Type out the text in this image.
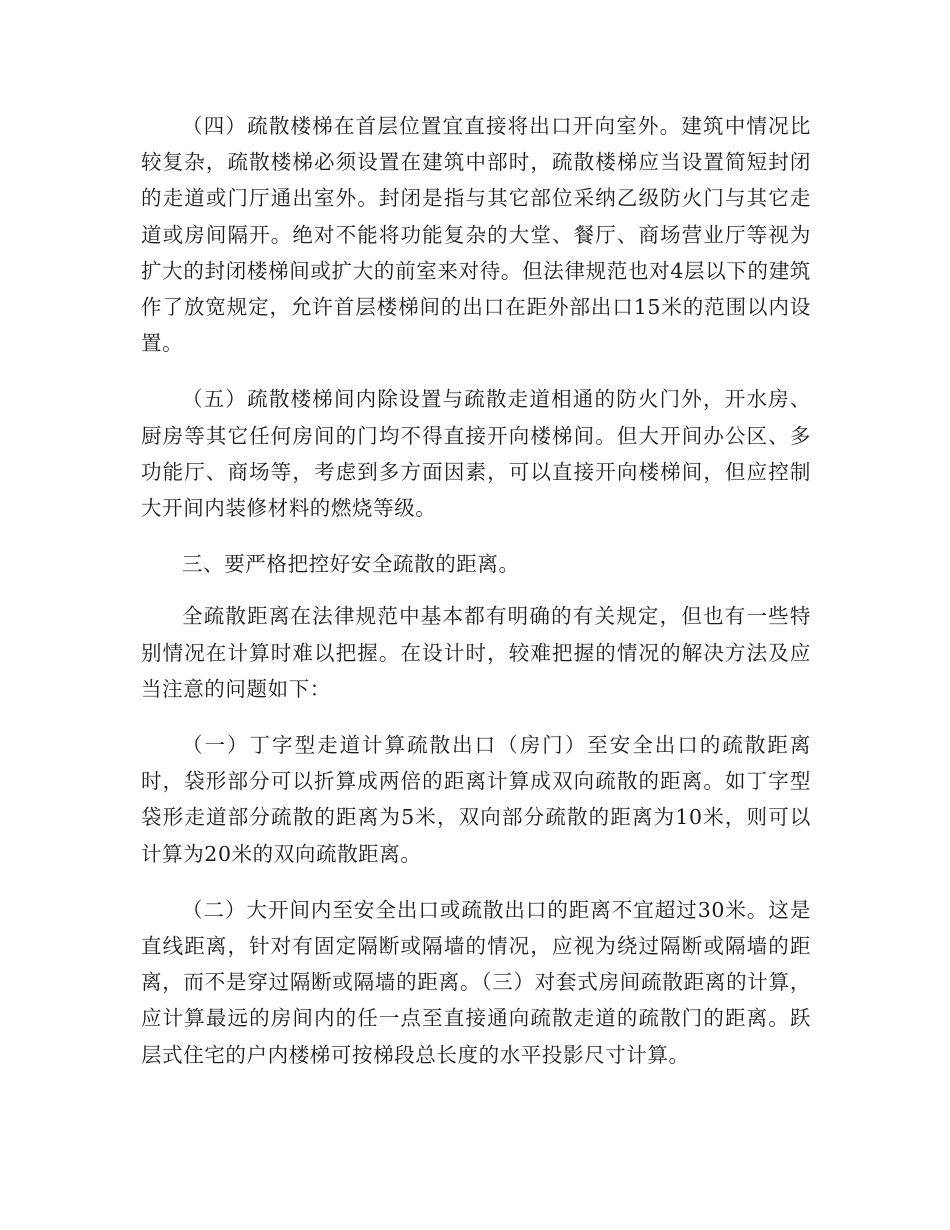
（四）疏散楼梯在首层位置宜直接将出口开向室外。建筑中情况比较复杂，疏散楼梯必须设置在建筑中部时，疏散楼梯应当设置简短封闭的走道或门厅通出室外。封闭是指与其它部位采纳乙级防火门与其它走道或房间隔开。绝对不能将功能复杂的大堂、餐厅、商场营业厅等视为扩大的封闭楼梯间或扩大的前室来对待。但法律规范也对4层以下的建筑作了放宽规定，允许首层楼梯间的出口在距外部出口15米的范围以内设置。

（五）疏散楼梯间内除设置与疏散走道相通的防火门外，开水房、厨房等其它任何房间的门均不得直接开向楼梯间。但大开间办公区、多功能厅、商场等，考虑到多方面因素，可以直接开向楼梯间，但应控制大开间内装修材料的燃烧等级。

三、要严格把控好安全疏散的距离。

全疏散距离在法律规范中基本都有明确的有关规定，但也有一些特别情况在计算时难以把握。在设计时，较难把握的情况的解决方法及应当注意的问题如下：

（一）丁字型走道计算疏散出口（房门）至安全出口的疏散距离时，袋形部分可以折算成两倍的距离计算成双向疏散的距离。如丁字型袋形走道部分疏散的距离为5米，双向部分疏散的距离为10米，则可以计算为20米的双向疏散距离。

（二）大开间内至安全出口或疏散出口的距离不宜超过30米。这是直线距离，针对有固定隔断或隔墙的情况，应视为绕过隔断或隔墙的距离，而不是穿过隔断或隔墙的距离。（三）对套式房间疏散距离的计算，应计算最远的房间内的任一点至直接通向疏散走道的疏散门的距离。跃层式住宅的户内楼梯可按梯段总长度的水平投影尺寸计算。
